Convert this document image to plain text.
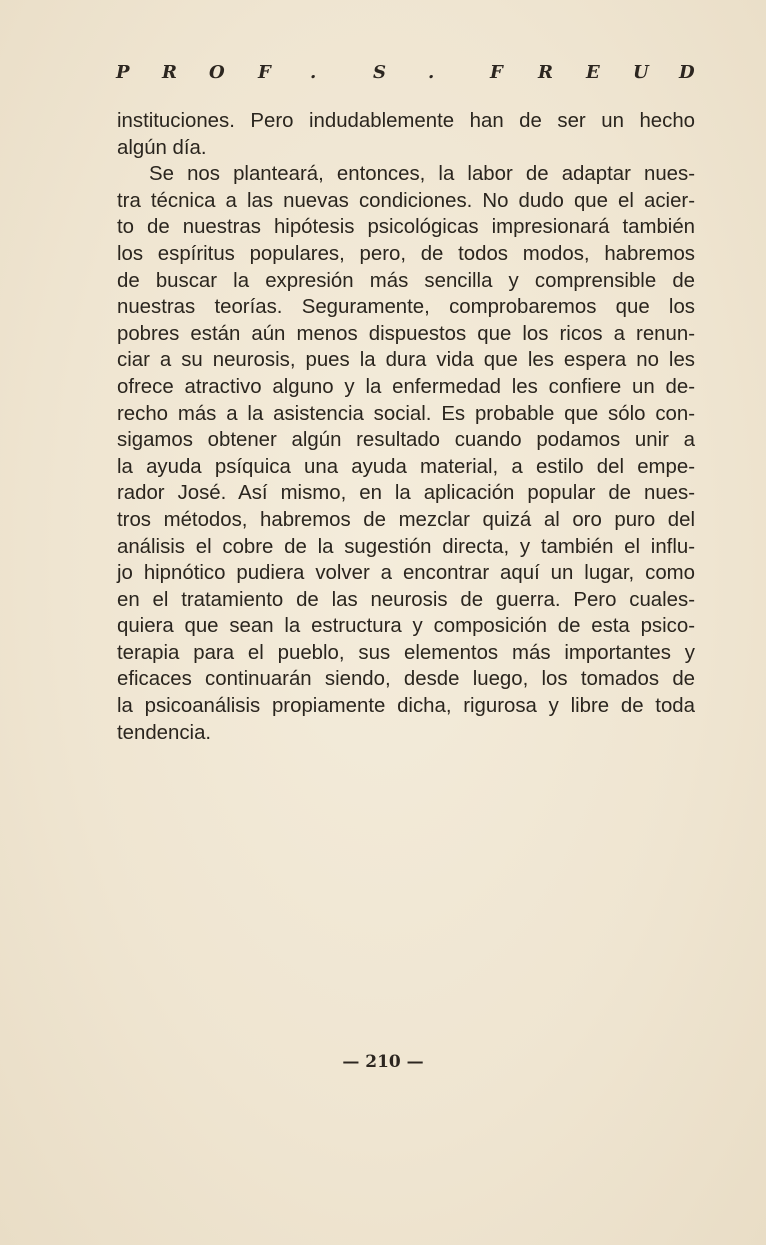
P R O F .	S .	F R E U D
instituciones. Pero indudablemente han de ser un hecho
algún día.
Se nos planteará, entonces, la labor de adaptar nues-
tra técnica a las nuevas condiciones. No dudo que el acier-
to de nuestras hipótesis psicológicas impresionará también
los espíritus populares, pero, de todos modos, habremos
de buscar la expresión más sencilla y comprensible de
nuestras teorías. Seguramente, comprobaremos que los
pobres están aún menos dispuestos que los ricos a renun-
ciar a su neurosis, pues la dura vida que les espera no les
ofrece atractivo alguno y la enfermedad les confiere un de-
recho más a la asistencia social. Es probable que sólo con-
sigamos obtener algún resultado cuando podamos unir a
la ayuda psíquica una ayuda material, a estilo del empe-
rador José. Así mismo, en la aplicación popular de nues-
tros métodos, habremos de mezclar quizá al oro puro del
análisis el cobre de la sugestión directa, y también el influ-
jo hipnótico pudiera volver a encontrar aquí un lugar, como
en el tratamiento de las neurosis de guerra. Pero cuales-
quiera que sean la estructura y composición de esta psico-
terapia para el pueblo, sus elementos más importantes y
eficaces continuarán siendo, desde luego, los tomados de
la psicoanálisis propiamente dicha, rigurosa y libre de toda
tendencia.
— 210 —
